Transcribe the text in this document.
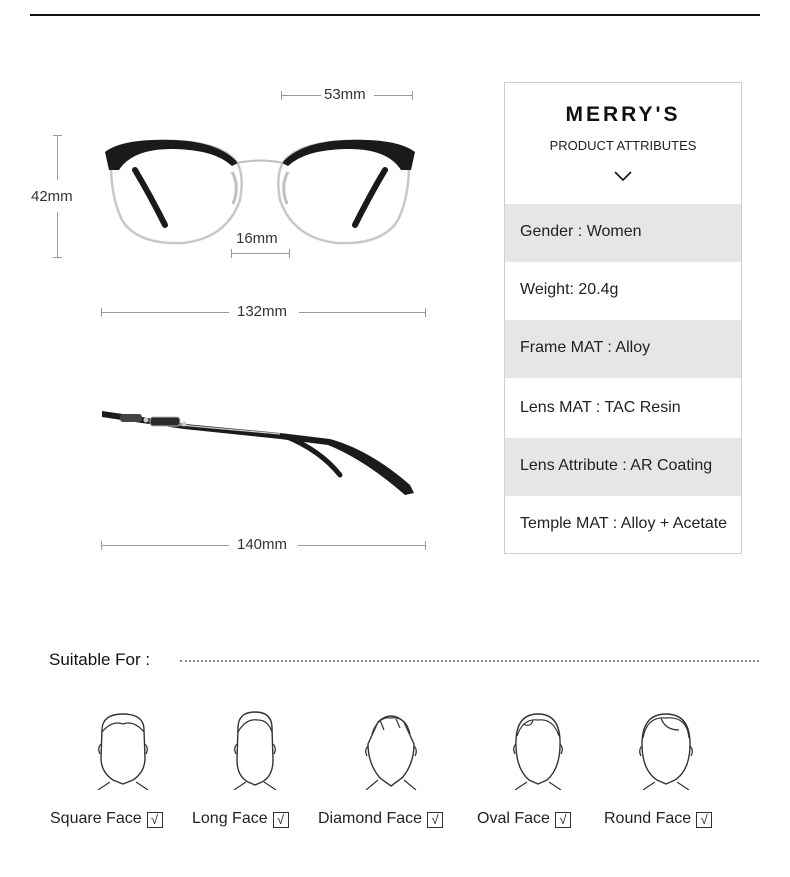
53mm
42mm
16mm
132mm
140mm
MERRY'S
PRODUCT ATTRIBUTES
Gender : Women
Weight: 20.4g
Frame MAT : Alloy
Lens MAT : TAC Resin
Lens Attribute : AR Coating
Temple MAT : Alloy + Acetate
Suitable For :
Square Face √ Long Face √ Diamond Face √ Oval Face √ Round Face √
